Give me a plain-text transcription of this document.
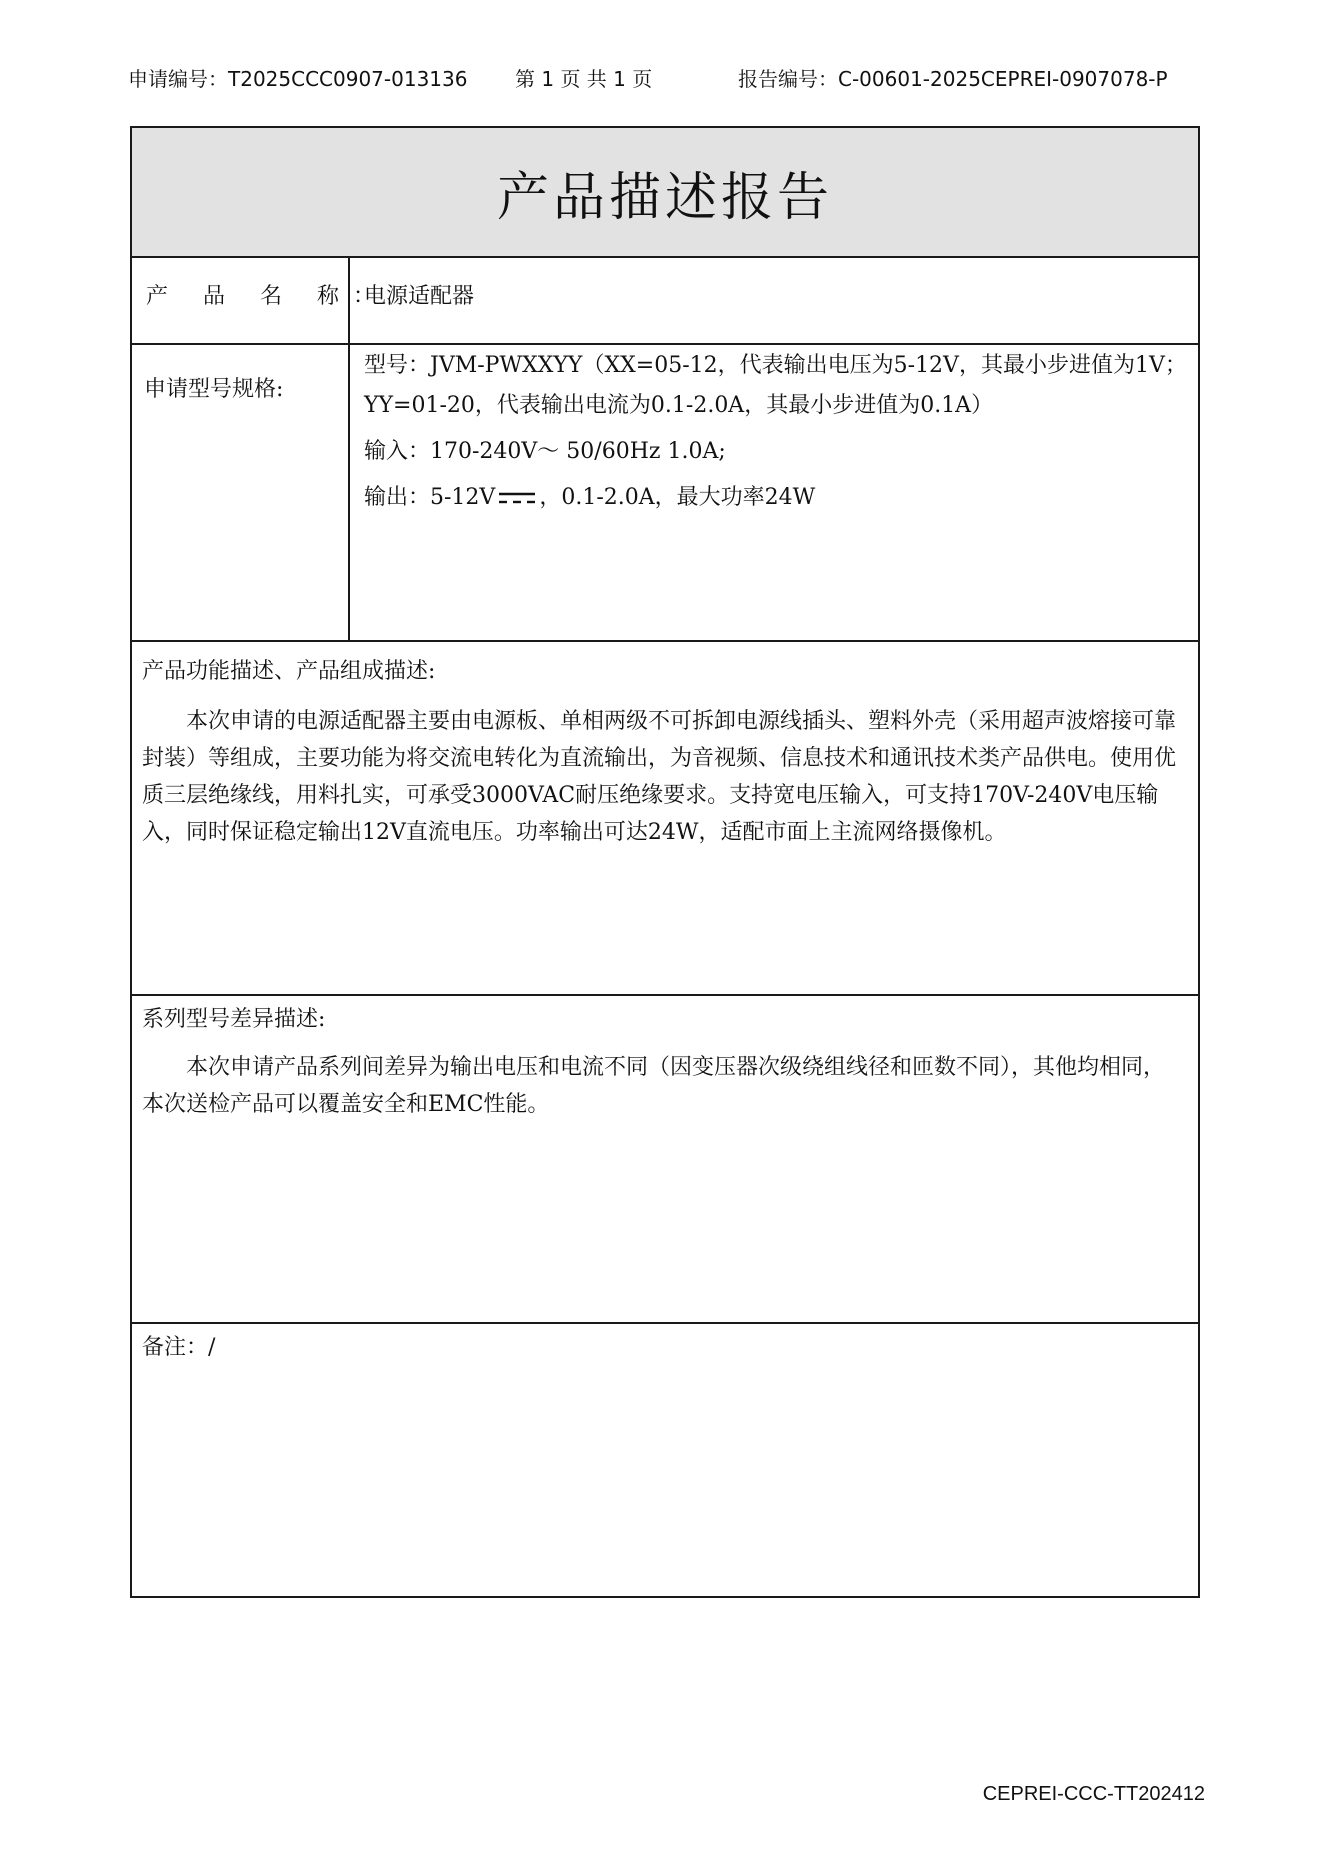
申请编号：T2025CCC0907-013136 第 1 页 共 1 页	报告编号：C-00601-2025CEPREI-0907078-P
产品描述报告
产 品 名 称：
电源适配器
申请型号规格:

型号：JVM-PWXXYY（XX=05-12，代表输出电压为5-12V，其最小步进值为1V；YY=01-20，代表输出电流为0.1-2.0A，其最小步进值为0.1A）

输入：170-240V～ 50/60Hz 1.0A;

输出：5-12V ，0.1-2.0A，最大功率24W

产品功能描述、产品组成描述:

本次申请的电源适配器主要由电源板、单相两级不可拆卸电源线插头、塑料外壳（采用超声波熔接可靠封装）等组成，主要功能为将交流电转化为直流输出，为音视频、信息技术和通讯技术类产品供电。使用优质三层绝缘线，用料扎实，可承受3000VAC耐压绝缘要求。支持宽电压输入，可支持170V-240V电压输入，同时保证稳定输出12V直流电压。功率输出可达24W，适配市面上主流网络摄像机。

系列型号差异描述:

本次申请产品系列间差异为输出电压和电流不同（因变压器次级绕组线径和匝数不同），其他均相同，本次送检产品可以覆盖安全和EMC性能。

备注：/
CEPREI-CCC-TT202412
